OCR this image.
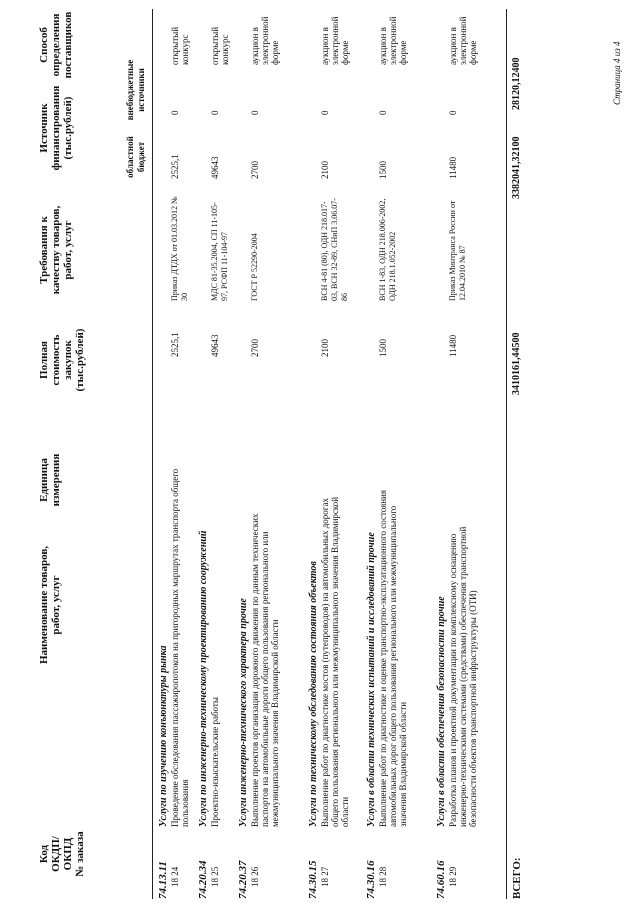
Код
ОКДП/
ОКПД
№ заказа
Наименование товаров,
работ, услуг
Единица
измерения
Полная
стоимость
закупок
(тыс.рублей)
Требования к
качеству товаров,
работ, услуг
Источник
финансирования
(тыс.рублей)	областной
бюджет
внебюджетные
источники
Способ
определения
поставщиков
74.13.11
Услуги по изучению конъюнктуры рынка
18 24
Проведение обследования пассажиропотоков на пригородных маршрутах транспорта общего пользования
2525,1
Приказ ДТДХ от 01.03.2012 № 30
2525,1
0
открытый конкурс
74.20.34
Услуги по инженерно-техническому проектированию сооружений
18 25
Проектно-изыскательские работы
49643
МДС 81-35.2004, СП 11-105-97, РСФП 11-104-97
49643
0
открытый конкурс
74.20.37
Услуги инженерно-технического характера прочие
18 26
Выполнение проектов организации дорожного движения по данным технических паспортов на автомобильные дороги общего пользования регионального или межмуниципального значения Владимирской области
2700
ГОСТ Р 52290-2004
2700
0
аукцион в электронной форме
74.30.15
Услуги по техническому обследованию состояния объектов
18 27
Выполнение работ по диагностике мостов (путепроводов) на автомобильных дорогах общего пользования регионального или межмуниципального значения Владимирской области
2100
ВСН 4-81 (80), ОДН 218.017-03, ВСН 32-89, СНиП 3.06.07-86
2100
0
аукцион в электронной форме
74.30.16
Услуги в области технических испытаний и исследований прочие
18 28
Выполнение работ по диагностике и оценке транспортно-эксплуатационного состояния автомобильных дорог общего пользования регионального или межмуниципального значения Владимирской области
1500
ВСН 1-83, ОДН 218.006-2002, ОДН 218.1.052-2002
1500
0
аукцион в электронной форме
74.60.16
Услуги в области обеспечения безопасности прочие
18 29
Разработка планов и проектной документации по комплексному оснащению инженерно-техническими системами (средствами) обеспечения транспортной безопасности объектов транспортной инфраструктуры (ОТИ)
11480
Приказ Минтранса России от 12.04.2010 № 87
11480
0
аукцион в электронной форме
ВСЕГО:
3410161,44500
3382041,32100
28120,12400	Страница 4 из 4
